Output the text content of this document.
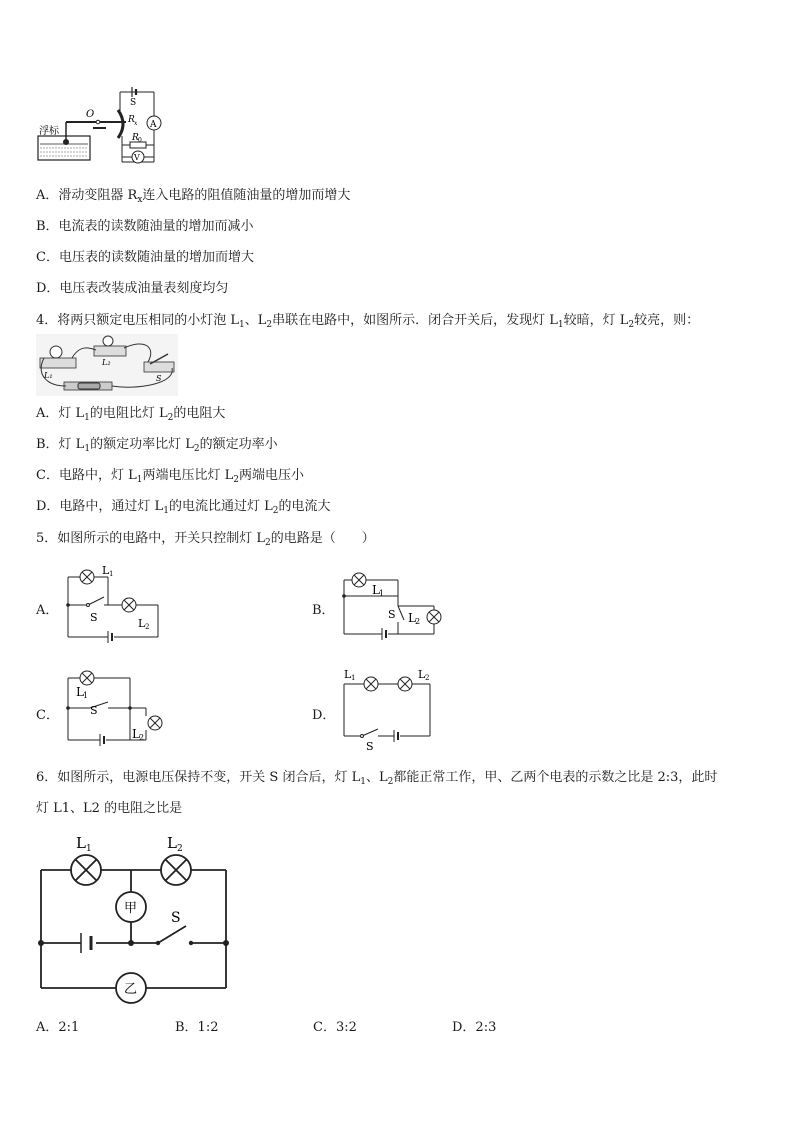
浮标
O
S
R x
R 0
A
V
A．滑动变阻器 $R_x$连入电路的阻值随油量的增加而增大
B．电流表的读数随油量的增加而减小
C．电压表的读数随油量的增加而增大
D．电压表改装成油量表刻度均匀
4．将两只额定电压相同的小灯泡 $L_1$、$L_2$串联在电路中，如图所示．闭合开关后，发现灯 $L_1$较暗，灯 $L_2$较亮，则：
L₁
L₂
S
A．灯 $L_1$的电阻比灯 $L_2$的电阻大
B．灯 $L_1$的额定功率比灯 $L_2$的额定功率小
C．电路中，灯 $L_1$两端电压比灯 $L_2$两端电压小
D．电路中，通过灯 $L_1$的电流比通过灯 $L_2$的电流大
5．如图所示的电路中，开关只控制灯 $L_2$的电路是（　　）
A．	B．
C．	D．
L 1
S	L 2
L 1
S L 2
L 1
S
L 2
L 1	L 2
S
6．如图所示，电源电压保持不变，开关 S 闭合后，灯 $L_1$、$L_2$都能正常工作，甲、乙两个电表的示数之比是 2:3，此时
灯 L1、L2 的电阻之比是
L 1	L 2
S
甲
乙
A．2:1	B．1:2	C．3:2	D．2:3
